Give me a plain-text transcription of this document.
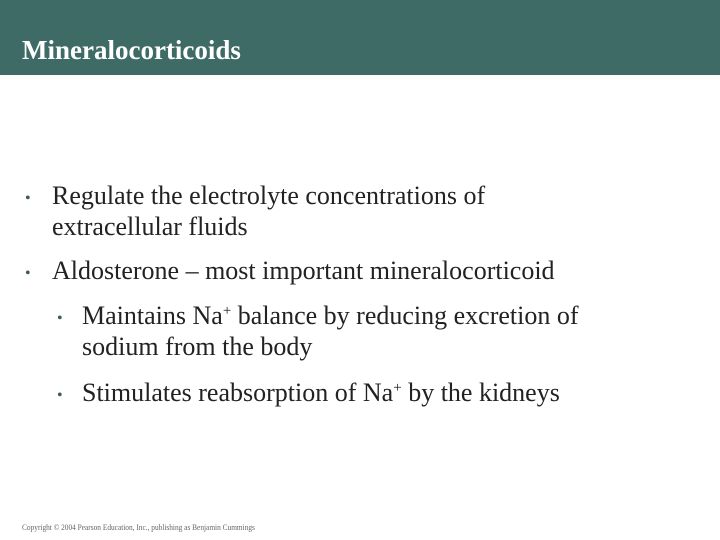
Mineralocorticoids
• Regulate the electrolyte concentrations of
extracellular fluids
• Aldosterone – most important mineralocorticoid
• Maintains Na+ balance by reducing excretion of
sodium from the body
• Stimulates reabsorption of Na+ by the kidneys
Copyright © 2004 Pearson Education, Inc., publishing as Benjamin Cummings
